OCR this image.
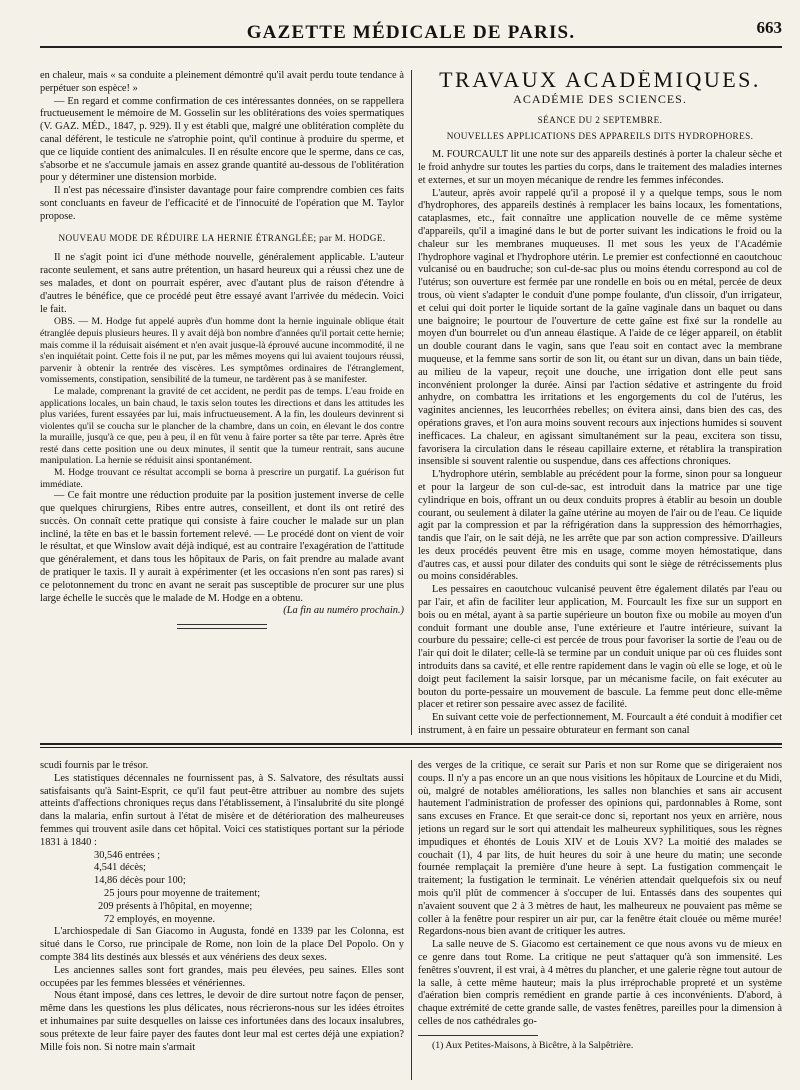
GAZETTE MÉDICALE DE PARIS.	663

en chaleur, mais « sa conduite a pleinement démontré qu'il avait perdu toute tendance à perpétuer son espèce! »

— En regard et comme confirmation de ces intéressantes données, on se rappellera fructueusement le mémoire de M. Gosselin sur les oblitérations des voies spermatiques (V. GAZ. MÉD., 1847, p. 929). Il y est établi que, malgré une oblitération complète du canal déférent, le testicule ne s'atrophie point, qu'il continue à produire du sperme, et que ce liquide contient des animalcules. Il en résulte encore que le sperme, dans ce cas, s'absorbe et ne s'accumule jamais en assez grande quantité au-dessous de l'oblitération pour y déterminer une distension morbide.

Il n'est pas nécessaire d'insister davantage pour faire comprendre combien ces faits sont concluants en faveur de l'efficacité et de l'innocuité de l'opération que M. Taylor propose.

NOUVEAU MODE DE RÉDUIRE LA HERNIE ÉTRANGLÉE; par M. HODGE.

Il ne s'agit point ici d'une méthode nouvelle, généralement applicable. L'auteur raconte seulement, et sans autre prétention, un hasard heureux qui a réussi chez une de ses malades, et dont on pourrait espérer, avec d'autant plus de raison d'étendre à d'autres le bénéfice, que ce procédé peut être essayé avant l'arrivée du médecin. Voici le fait.

OBS. — M. Hodge fut appelé auprès d'un homme dont la hernie inguinale oblique était étranglée depuis plusieurs heures. Il y avait déjà bon nombre d'années qu'il portait cette hernie; mais comme il la réduisait aisément et n'en avait jusque-là éprouvé aucune incommodité, il ne s'en inquiétait point. Cette fois il ne put, par les mêmes moyens qui lui avaient toujours réussi, parvenir à obtenir la rentrée des viscères. Les symptômes ordinaires de l'étranglement, vomissements, constipation, sensibilité de la tumeur, ne tardèrent pas à se manifester.

Le malade, comprenant la gravité de cet accident, ne perdit pas de temps. L'eau froide en applications locales, un bain chaud, le taxis selon toutes les directions et dans les attitudes les plus variées, furent essayées par lui, mais infructueusement. A la fin, les douleurs devinrent si violentes qu'il se coucha sur le plancher de la chambre, dans un coin, en élevant le dos contre la muraille, jusqu'à ce que, peu à peu, il en fût venu à faire porter sa tête par terre. Après être resté dans cette position une ou deux minutes, il sentit que la tumeur rentrait, sans aucune manipulation. La hernie se réduisit ainsi spontanément.

M. Hodge trouvant ce résultat accompli se borna à prescrire un purgatif. La guérison fut immédiate.

— Ce fait montre une réduction produite par la position justement inverse de celle que quelques chirurgiens, Ribes entre autres, conseillent, et dont ils ont retiré des succès. On connaît cette pratique qui consiste à faire coucher le malade sur un plan incliné, la tête en bas et le bassin fortement relevé. — Le procédé dont on vient de voir le résultat, et que Winslow avait déjà indiqué, est au contraire l'exagération de l'attitude que généralement, et dans tous les hôpitaux de Paris, on fait prendre au malade avant de pratiquer le taxis. Il y aurait à expérimenter (et les occasions n'en sont pas rares) si ce pelotonnement du tronc en avant ne serait pas susceptible de procurer sur une plus large échelle le succès que le malade de M. Hodge en a obtenu.

(La fin au numéro prochain.)

TRAVAUX ACADÉMIQUES.
ACADÉMIE DES SCIENCES.
SÉANCE DU 2 SEPTEMBRE.
NOUVELLES APPLICATIONS DES APPAREILS DITS HYDROPHORES.

M. FOURCAULT lit une note sur des appareils destinés à porter la chaleur sèche et le froid anhydre sur toutes les parties du corps, dans le traitement des maladies internes et externes, et sur un moyen mécanique de rendre les femmes infécondes.

L'auteur, après avoir rappelé qu'il a proposé il y a quelque temps, sous le nom d'hydrophores, des appareils destinés à remplacer les bains locaux, les fomentations, cataplasmes, etc., fait connaître une application nouvelle de ce même système d'appareils, qu'il a imaginé dans le but de porter suivant les indications le froid ou la chaleur sur les membranes muqueuses. Il met sous les yeux de l'Académie l'hydrophore vaginal et l'hydrophore utérin. Le premier est confectionné en caoutchouc vulcanisé ou en baudruche; son cul-de-sac plus ou moins étendu correspond au col de l'utérus; son ouverture est fermée par une rondelle en bois ou en métal, percée de deux trous, où vient s'adapter le conduit d'une pompe foulante, d'un clissoir, d'un irrigateur, et celui qui doit porter le liquide sortant de la gaîne vaginale dans un baquet ou dans une baignoire; le pourtour de l'ouverture de cette gaîne est fixé sur la rondelle au moyen d'un bourrelet ou d'un anneau élastique. A l'aide de ce léger appareil, on établit un double courant dans le vagin, sans que l'eau soit en contact avec la membrane muqueuse, et la femme sans sortir de son lit, ou étant sur un divan, dans un bain tiède, au milieu de la vapeur, reçoit une douche, une irrigation dont elle peut sans inconvénient prolonger la durée. Ainsi par l'action sédative et astringente du froid anhydre, on combattra les irritations et les engorgements du col de l'utérus, les vaginites anciennes, les leucorrhées rebelles; on évitera ainsi, dans bien des cas, des opérations graves, et l'on aura moins souvent recours aux injections humides si souvent inefficaces. La chaleur, en agissant simultanément sur la peau, excitera son tissu, favorisera la circulation dans le réseau capillaire externe, et rétablira la transpiration insensible si souvent ralentie ou suspendue, dans ces affections chroniques.

L'hydrophore utérin, semblable au précédent pour la forme, sinon pour sa longueur et pour la largeur de son cul-de-sac, est introduit dans la matrice par une tige cylindrique en bois, offrant un ou deux conduits propres à établir au besoin un double courant, ou seulement à dilater la gaîne utérine au moyen de l'air ou de l'eau. Ce liquide agit par la compression et par la réfrigération dans la suppression des hémorrhagies, tandis que l'air, on le sait déjà, ne les arrête que par son action compressive. D'ailleurs les deux procédés peuvent être mis en usage, comme moyen hémostatique, dans d'autres cas, et aussi pour dilater des conduits qui sont le siège de rétrécissements plus ou moins considérables.

Les pessaires en caoutchouc vulcanisé peuvent être également dilatés par l'eau ou par l'air, et afin de faciliter leur application, M. Fourcault les fixe sur un support en bois ou en métal, ayant à sa partie supérieure un bouton fixe ou mobile au moyen d'un conduit formant une double anse, l'une extérieure et l'autre intérieure, suivant la courbure du pessaire; celle-ci est percée de trous pour favoriser la sortie de l'eau ou de l'air qui doit le dilater; celle-là se termine par un conduit unique par où ces fluides sont introduits dans sa cavité, et elle rentre rapidement dans le vagin où elle se loge, et où le doigt peut facilement la saisir lorsque, par un mécanisme facile, on fait exécuter au bouton du porte-pessaire un mouvement de bascule. La femme peut donc elle-même placer et retirer son pessaire avec assez de facilité.

En suivant cette voie de perfectionnement, M. Fourcault a été conduit à modifier cet instrument, à en faire un pessaire obturateur en fermant son canal

scudi fournis par le trésor.

Les statistiques décennales ne fournissent pas, à S. Salvatore, des résultats aussi satisfaisants qu'à Saint-Esprit, ce qu'il faut peut-être attribuer au nombre des sujets atteints d'affections chroniques reçus dans l'établissement, à l'insalubrité du site plongé dans la malaria, enfin surtout à l'état de misère et de détérioration des malheureuses femmes qui trouvent asile dans cet hôpital. Voici ces statistiques portant sur la période 1831 à 1840 :

30,546 entrées ;
4,541 décès;
14,86 décès pour 100;
25 jours pour moyenne de traitement;
209 présents à l'hôpital, en moyenne;
72 employés, en moyenne.

L'archiospedale di San Giacomo in Augusta, fondé en 1339 par les Colonna, est situé dans le Corso, rue principale de Rome, non loin de la place Del Popolo. On y compte 384 lits destinés aux blessés et aux vénériens des deux sexes.

Les anciennes salles sont fort grandes, mais peu élevées, peu saines. Elles sont occupées par les femmes blessées et vénériennes.

Nous étant imposé, dans ces lettres, le devoir de dire surtout notre façon de penser, même dans les questions les plus délicates, nous récrierons-nous sur les idées étroites et inhumaines par suite desquelles on laisse ces infortunées dans des locaux insalubres, sous prétexte de leur faire payer des fautes dont leur mal est certes déjà une expiation? Mille fois non. Si notre main s'armait

des verges de la critique, ce serait sur Paris et non sur Rome que se dirigeraient nos coups. Il n'y a pas encore un an que nous visitions les hôpitaux de Lourcine et du Midi, où, malgré de notables améliorations, les salles non blanchies et sans air accusent hautement l'administration de professer des opinions qui, pardonnables à Rome, sont sans excuses en France. Et que serait-ce donc si, reportant nos yeux en arrière, nous jetions un regard sur le sort qui attendait les malheureux syphilitiques, sous les règnes impudiques et éhontés de Louis XIV et de Louis XV? La moitié des malades se couchait (1), 4 par lits, de huit heures du soir à une heure du matin; une seconde fournée remplaçait la première d'une heure à sept. La fustigation commençait le traitement; la fustigation le terminait. Le vénérien attendait quelquefois six ou neuf mois qu'il plût de commencer à s'occuper de lui. Entassés dans des soupentes qui n'avaient souvent que 2 à 3 mètres de haut, les malheureux ne pouvaient pas même se coller à la fenêtre pour respirer un air pur, car la fenêtre était clouée ou même murée! Regardons-nous bien avant de critiquer les autres.

La salle neuve de S. Giacomo est certainement ce que nous avons vu de mieux en ce genre dans tout Rome. La critique ne peut s'attaquer qu'à son immensité. Les fenêtres s'ouvrent, il est vrai, à 4 mètres du plancher, et une galerie règne tout autour de la salle, à cette même hauteur; mais la plus irréprochable propreté et un système d'aération bien compris remédient en grande partie à ces inconvénients. D'abord, à chaque extrémité de cette grande salle, de vastes fenêtres, pareilles pour la dimension à celles de nos cathédrales go-

(1) Aux Petites-Maisons, à Bicêtre, à la Salpêtrière.
